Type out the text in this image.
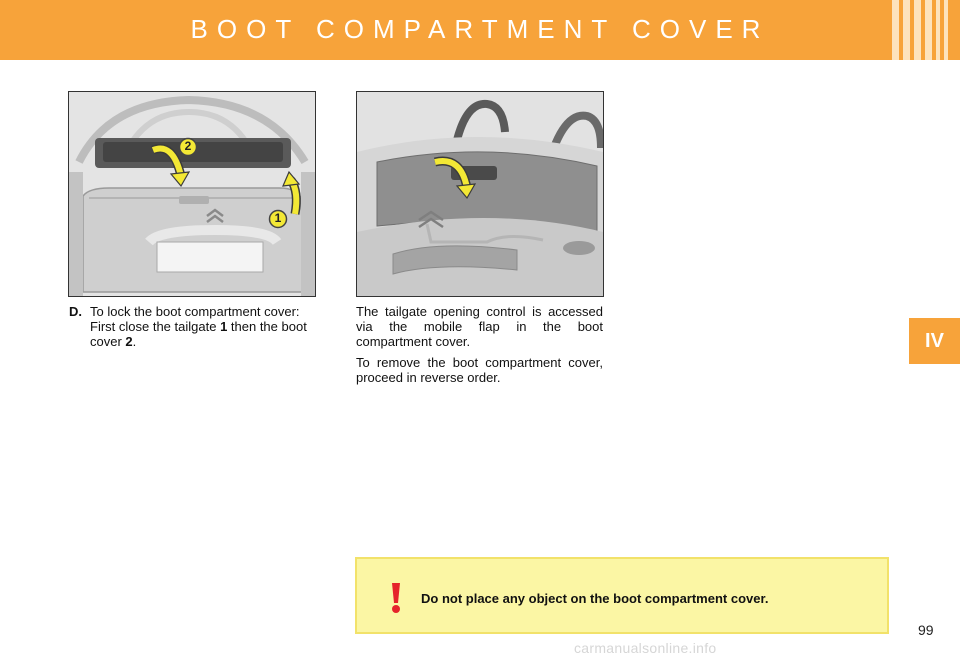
BOOT COMPARTMENT COVER
2
1
D. To lock the boot compartment cover: First close the tailgate 1 then the boot cover 2.

The tailgate opening control is accessed via the mobile flap in the boot compartment cover.

To remove the boot compartment cover, proceed in reverse order.

IV
Do not place any object on the boot compartment cover.
99
carmanualsonline.info
